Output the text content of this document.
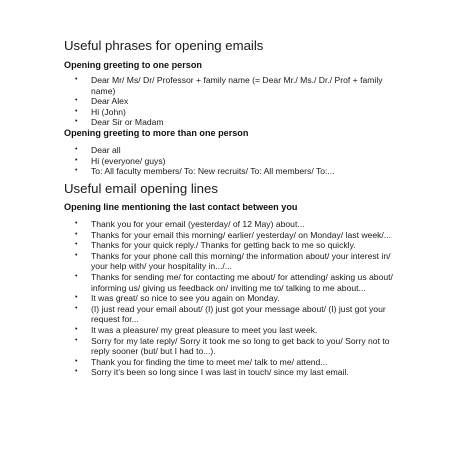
Useful phrases for opening emails
Opening greeting to one person
• Dear Mr/ Ms/ Dr/ Professor + family name (= Dear Mr./ Ms./ Dr./ Prof + family name)
• Dear Alex
• Hi (John)
• Dear Sir or Madam
Opening greeting to more than one person
• Dear all
• Hi (everyone/ guys)
• To: All faculty members/ To: New recruits/ To: All members/ To:...
Useful email opening lines
Opening line mentioning the last contact between you
• Thank you for your email (yesterday/ of 12 May) about...
• Thanks for your email this morning/ earlier/ yesterday/ on Monday/ last week/...
• Thanks for your quick reply./ Thanks for getting back to me so quickly.
• Thanks for your phone call this morning/ the information about/ your interest in/ your help with/ your hospitality in.../...
• Thanks for sending me/ for contacting me about/ for attending/ asking us about/ informing us/ giving us feedback on/ inviting me to/ talking to me about...
• It was great/ so nice to see you again on Monday.
• (I) just read your email about/ (I) just got your message about/ (I) just got your request for...
• It was a pleasure/ my great pleasure to meet you last week.
• Sorry for my late reply/ Sorry it took me so long to get back to you/ Sorry not to reply sooner (but/ but I had to...).
• Thank you for finding the time to meet me/ talk to me/ attend...
• Sorry it’s been so long since I was last in touch/ since my last email.
